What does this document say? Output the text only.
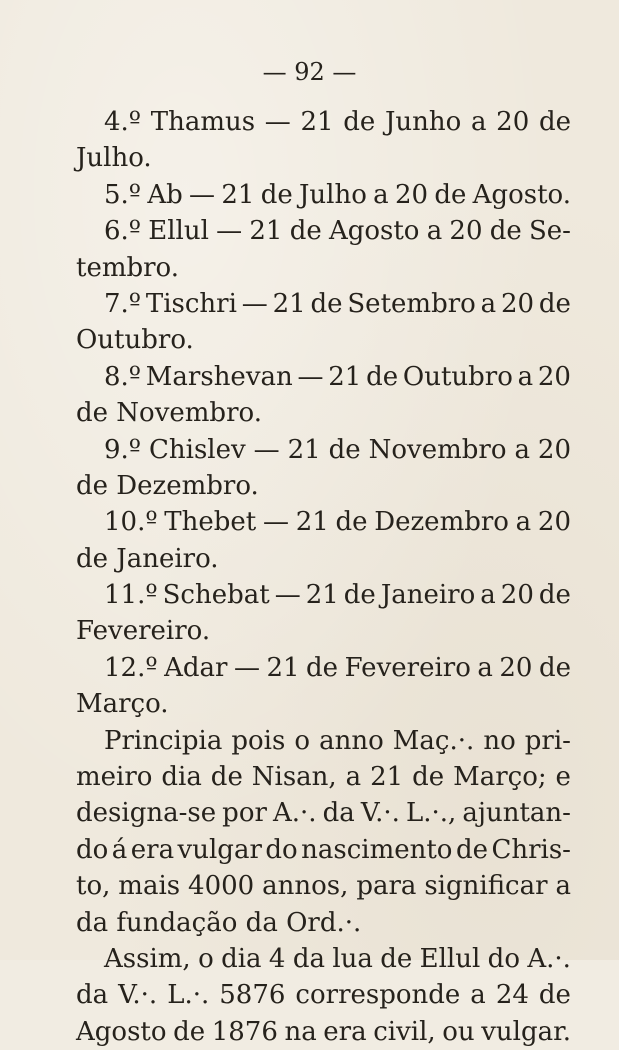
— 92 —
4.º Thamus — 21 de Junho a 20 de
Julho.
5.º Ab — 21 de Julho a 20 de Agosto.
6.º Ellul — 21 de Agosto a 20 de Se-
tembro.
7.º Tischri — 21 de Setembro a 20 de
Outubro.
8.º Marshevan — 21 de Outubro a 20
de Novembro.
9.º Chislev — 21 de Novembro a 20
de Dezembro.
10.º Thebet — 21 de Dezembro a 20
de Janeiro.
11.º Schebat — 21 de Janeiro a 20 de
Fevereiro.
12.º Adar — 21 de Fevereiro a 20 de
Março.
Principia pois o anno Maç.·. no pri-
meiro dia de Nisan, a 21 de Março; e
designa-se por A.·. da V.·. L.·., ajuntan-
do á era vulgar do nascimento de Chris-
to, mais 4000 annos, para significar a
da fundação da Ord.·.
Assim, o dia 4 da lua de Ellul do A.·.
da V.·. L.·. 5876 corresponde a 24 de
Agosto de 1876 na era civil, ou vulgar.
